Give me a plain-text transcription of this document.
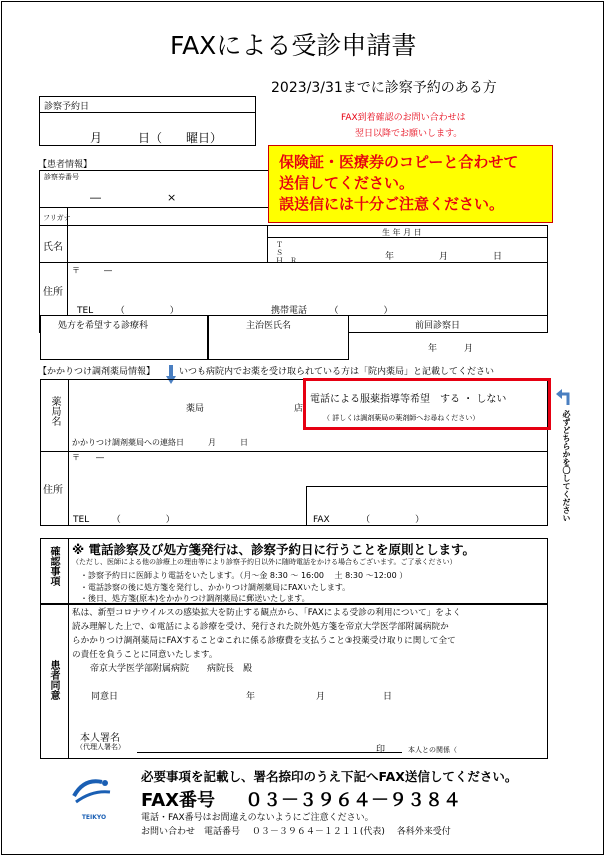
FAXによる受診申請書
2023/3/31までに診察予約のある方
診察予約日
月　　　日（　　曜日）
FAX到着確認のお問い合わせは
翌日以降でお願いします。
保険証・医療券のコピーと合わせて
送信してください。
誤送信には十分ご注意ください。
【患者情報】
診察券番号
―　　　　　　×
フリガナ
氏名
生 年 月 日
Ｔ
Ｓ
Ｈ　Ｒ	年　　　　　月　　　　　日
住所
〒　　　―
TEL　　　（　　　　　）	携帯電話　　　（　　　　　）
処方を希望する診療科	主治医氏名	前回診察日
年　　　月
【かかりつけ調剤薬局情報】	いつも病院内でお薬を受け取られている方は「院内薬局」と記載してください
薬局名	薬局　　　　　　　　　　店
かかりつけ調剤薬局への連絡日　　　月　　　日
電話による服薬指導等希望　する ・ しない
（ 詳しくは調剤薬局の薬剤師へお尋ねください）	必ずどちらかを〇してください
住所
〒　　―
TEL　　　（　　　　　）	FAX　　　　（　　　　　）
確認事項 ※ 電話診察及び処方箋発行は、診察予約日に行うことを原則とします。
（ただし、医師による他の診療上の理由等により診察予約日以外に随時電話をかける場合もございます。ご了承ください）
・診察予約日に医師より電話をいたします。（月～金 8:30 ～ 16:00　 土 8:30 ～12:00 ）
・電話診察の後に処方箋を発行し、かかりつけ調剤薬局にFAXいたします。
・後日、処方箋(原本)をかかりつけ調剤薬局に郵送いたします。
患者同意
私は、新型コロナウイルスの感染拡大を防止する観点から、「FAXによる受診の利用について」をよく
読み理解した上で、①電話による診療を受け、発行された院外処方箋を帝京大学医学部附属病院か
らかかりつけ調剤薬局にFAXすること②これに係る診療費を支払うこと③投薬受け取りに関して全て
の責任を負うことに同意いたします。
帝京大学医学部附属病院　　病院長　殿
同意日	年	月	日
本人署名
（代理人署名）	印	本人との関係（
TEIKYO
必要事項を記載し、署名捺印のうえ下記へFAX送信してください。
FAX番号 ０３－３９６４－９３８４
電話・FAX番号はお間違えのないようにご注意ください。
お問い合わせ　電話番号　 ０３－３９６４－１２１１(代表)　 各科外来受付
